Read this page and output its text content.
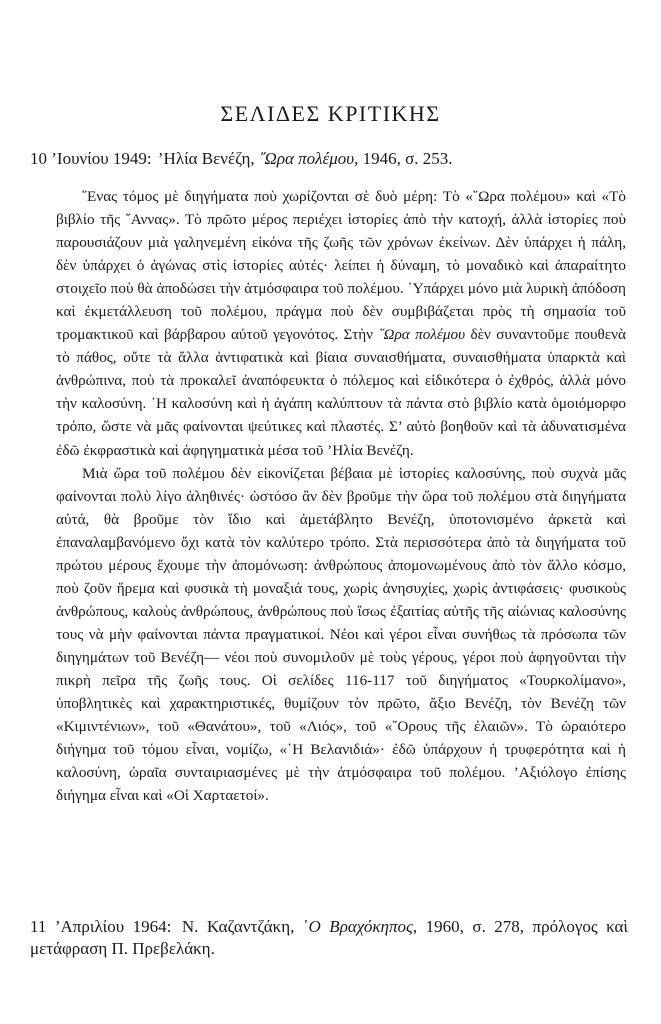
ΣΕΛΙΔΕΣ ΚΡΙΤΙΚΗΣ

10 ’Ιουνίου 1949: ’Ηλία Βενέζη, ῞Ωρα πολέμου, 1946, σ. 253.

῞Ενας τόμος μὲ διηγήματα ποὺ χωρίζονται σὲ δυὸ μέρη: Τὸ «῞Ωρα πολέμου» καὶ «Τὸ βιβλίο τῆς ῎Αννας». Τὸ πρῶτο μέρος περιέχει ἱστορίες ἀπὸ τὴν κατοχή, ἀλλὰ ἱστορίες ποὺ παρουσιάζουν μιὰ γαληνεμένη εἰκόνα τῆς ζωῆς τῶν χρόνων ἐκείνων. Δὲν ὑπάρχει ἡ πάλη, δὲν ὑπάρχει ὁ ἀγώνας στὶς ἱστορίες αὐτές· λείπει ἡ δύναμη, τὸ μοναδικὸ καὶ ἀπαραίτητο στοιχεῖο ποὺ θὰ ἀποδώσει τὴν ἀτμόσφαιρα τοῦ πολέμου. ῾Υπάρχει μόνο μιὰ λυρικὴ ἀπόδοση καὶ ἐκμετάλλευση τοῦ πολέμου, πράγμα ποὺ δὲν συμβιβάζεται πρὸς τὴ σημασία τοῦ τρομακτικοῦ καὶ βάρβαρου αὐτοῦ γεγονότος. Στὴν ῞Ωρα πολέμου δὲν συναντοῦμε πουθενὰ τὸ πάθος, οὔτε τὰ ἄλλα ἀντιφατικὰ καὶ βίαια συναισθήματα, συναισθήματα ὑπαρκτὰ καὶ ἀνθρώπινα, ποὺ τὰ προκαλεῖ ἀναπόφευκτα ὁ πόλεμος καὶ εἰδικότερα ὁ ἐχθρός, ἀλλὰ μόνο τὴν καλοσύνη. ῾Η καλοσύνη καὶ ἡ ἀγάπη καλύπτουν τὰ πάντα στὸ βιβλίο κατὰ ὁμοιόμορφο τρόπο, ὥστε νὰ μᾶς φαίνονται ψεύτικες καὶ πλαστές. Σ’ αὐτὸ βοηθοῦν καὶ τὰ ἀδυνατισμένα ἐδῶ ἐκφραστικὰ καὶ ἀφηγηματικὰ μέσα τοῦ ’Ηλία Βενέζη.

Μιὰ ὥρα τοῦ πολέμου δὲν εἰκονίζεται βέβαια μὲ ἱστορίες καλοσύνης, ποὺ συχνὰ μᾶς φαίνονται πολὺ λίγο ἀληθινές· ὡστόσο ἂν δὲν βροῦμε τὴν ὥρα τοῦ πολέμου στὰ διηγήματα αὐτά, θὰ βροῦμε τὸν ἴδιο καὶ ἀμετάβλητο Βενέζη, ὑποτονισμένο ἀρκετὰ καὶ ἐπαναλαμβανόμενο ὄχι κατὰ τὸν καλύτερο τρόπο. Στὰ περισσότερα ἀπὸ τὰ διηγήματα τοῦ πρώτου μέρους ἔχουμε τὴν ἀπομόνωση: ἀνθρώπους ἀπομονωμένους ἀπὸ τὸν ἄλλο κόσμο, ποὺ ζοῦν ἥρεμα καὶ φυσικὰ τὴ μοναξιά τους, χωρὶς ἀνησυχίες, χωρὶς ἀντιφάσεις· φυσικοὺς ἀνθρώπους, καλοὺς ἀνθρώπους, ἀνθρώπους ποὺ ἴσως ἐξαιτίας αὐτῆς τῆς αἰώνιας καλοσύνης τους νὰ μὴν φαίνονται πάντα πραγματικοί. Νέοι καὶ γέροι εἶναι συνήθως τὰ πρόσωπα τῶν διηγημάτων τοῦ Βενέζη— νέοι ποὺ συνομιλοῦν μὲ τοὺς γέρους, γέροι ποὺ ἀφηγοῦνται τὴν πικρὴ πεῖρα τῆς ζωῆς τους. Οἱ σελίδες 116-117 τοῦ διηγήματος «Τουρκολίμανο», ὑποβλητικὲς καὶ χαρακτηριστικές, θυμίζουν τὸν πρῶτο, ἄξιο Βενέζη, τὸν Βενέζη τῶν «Κιμιντένιων», τοῦ «Θανάτου», τοῦ «Λιός», τοῦ «῞Ορους τῆς ἐλαιῶν». Τὸ ὡραιότερο διήγημα τοῦ τόμου εἶναι, νομίζω, «῾Η Βελανιδιά»· ἐδῶ ὑπάρχουν ἡ τρυφερότητα καὶ ἡ καλοσύνη, ὡραῖα συνταιριασμένες μὲ τὴν ἀτμόσφαιρα τοῦ πολέμου. ’Αξιόλογο ἐπίσης διήγημα εἶναι καὶ «Οἱ Χαρταετοί».

11 ’Απριλίου 1964: Ν. Καζαντζάκη, ῾Ο Βραχόκηπος, 1960, σ. 278, πρόλογος καὶ μετάφραση Π. Πρεβελάκη.
